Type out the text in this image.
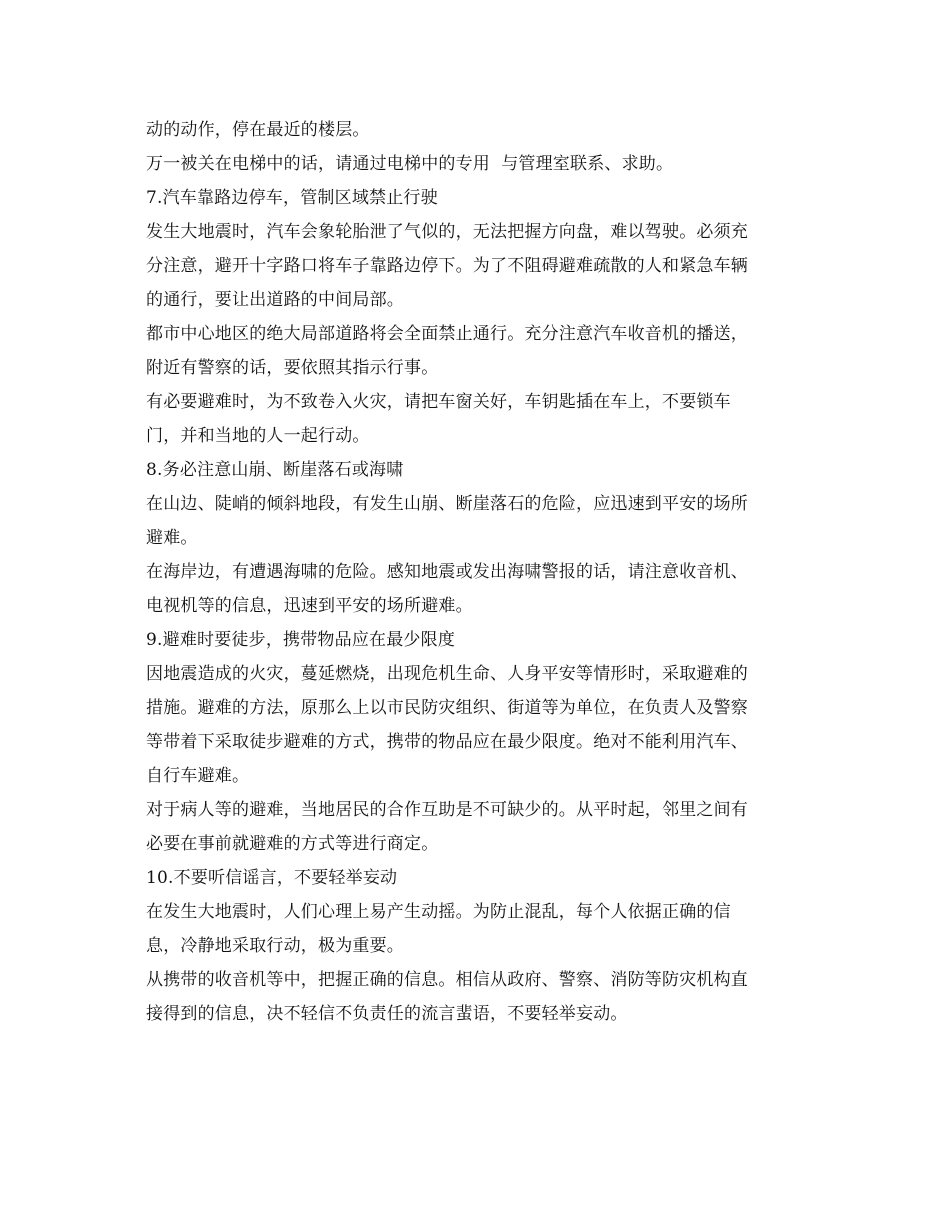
动的动作，停在最近的楼层。
万一被关在电梯中的话，请通过电梯中的专用  与管理室联系、求助。
7.汽车靠路边停车，管制区域禁止行驶
发生大地震时，汽车会象轮胎泄了气似的，无法把握方向盘，难以驾驶。必须充
分注意，避开十字路口将车子靠路边停下。为了不阻碍避难疏散的人和紧急车辆
的通行，要让出道路的中间局部。
都市中心地区的绝大局部道路将会全面禁止通行。充分注意汽车收音机的播送，
附近有警察的话，要依照其指示行事。
有必要避难时，为不致卷入火灾，请把车窗关好，车钥匙插在车上，不要锁车
门，并和当地的人一起行动。
8.务必注意山崩、断崖落石或海啸
在山边、陡峭的倾斜地段，有发生山崩、断崖落石的危险，应迅速到平安的场所
避难。
在海岸边，有遭遇海啸的危险。感知地震或发出海啸警报的话，请注意收音机、
电视机等的信息，迅速到平安的场所避难。
9.避难时要徒步，携带物品应在最少限度
因地震造成的火灾，蔓延燃烧，出现危机生命、人身平安等情形时，采取避难的
措施。避难的方法，原那么上以市民防灾组织、街道等为单位，在负责人及警察
等带着下采取徒步避难的方式，携带的物品应在最少限度。绝对不能利用汽车、
自行车避难。
对于病人等的避难，当地居民的合作互助是不可缺少的。从平时起，邻里之间有
必要在事前就避难的方式等进行商定。
10.不要听信谣言，不要轻举妄动
在发生大地震时，人们心理上易产生动摇。为防止混乱，每个人依据正确的信
息，冷静地采取行动，极为重要。
从携带的收音机等中，把握正确的信息。相信从政府、警察、消防等防灾机构直
接得到的信息，决不轻信不负责任的流言蜚语，不要轻举妄动。
